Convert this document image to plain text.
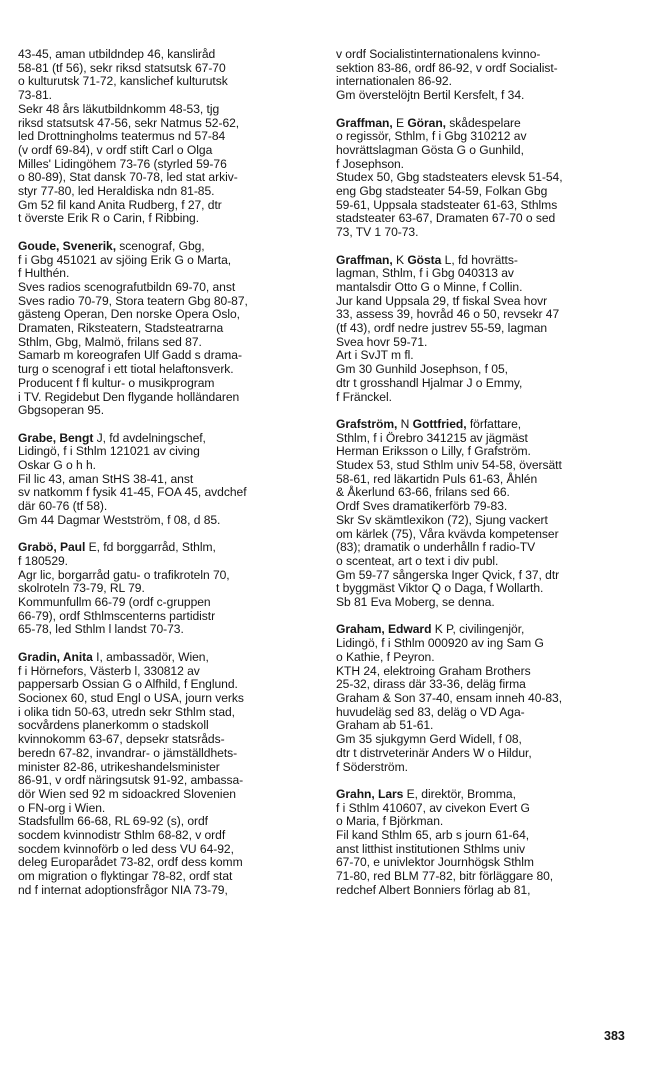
43-45, aman utbildndep 46, kansliråd
58-81 (tf 56), sekr riksd statsutsk 67-70
o kulturutsk 71-72, kanslichef kulturutsk
73-81.
Sekr 48 års läkutbildnkomm 48-53, tjg
riksd statsutsk 47-56, sekr Natmus 52-62,
led Drottningholms teatermus nd 57-84
(v ordf 69-84), v ordf stift Carl o Olga
Milles' Lidingöhem 73-76 (styrled 59-76
o 80-89), Stat dansk 70-78, led stat arkiv-
styr 77-80, led Heraldiska ndn 81-85.
Gm 52 fil kand Anita Rudberg, f 27, dtr
t överste Erik R o Carin, f Ribbing.
Goude, Svenerik, scenograf, Gbg,
f i Gbg 451021 av sjöing Erik G o Marta,
f Hulthén.
Sves radios scenografutbildn 69-70, anst
Sves radio 70-79, Stora teatern Gbg 80-87,
gästeng Operan, Den norske Opera Oslo,
Dramaten, Riksteatern, Stadsteatrarna
Sthlm, Gbg, Malmö, frilans sed 87.
Samarb m koreografen Ulf Gadd s drama-
turg o scenograf i ett tiotal helaftonsverk.
Producent f fl kultur- o musikprogram
i TV. Regidebut Den flygande holländaren
Gbgsoperan 95.
Grabe, Bengt J, fd avdelningschef,
Lidingö, f i Sthlm 121021 av civing
Oskar G o h h.
Fil lic 43, aman StHS 38-41, anst
sv natkomm f fysik 41-45, FOA 45, avdchef
där 60-76 (tf 58).
Gm 44 Dagmar Westström, f 08, d 85.
Grabö, Paul E, fd borggarråd, Sthlm,
f 180529.
Agr lic, borgarråd gatu- o trafikroteln 70,
skolroteln 73-79, RL 79.
Kommunfullm 66-79 (ordf c-gruppen
66-79), ordf Sthlmscenterns partidistr
65-78, led Sthlm l landst 70-73.
Gradin, Anita I, ambassadör, Wien,
f i Hörnefors, Västerb l, 330812 av
pappersarb Ossian G o Alfhild, f Englund.
Socionex 60, stud Engl o USA, journ verks
i olika tidn 50-63, utredn sekr Sthlm stad,
socvårdens planerkomm o stadskoll
kvinnokomm 63-67, depsekr statsråds-
beredn 67-82, invandrar- o jämställdhets-
minister 82-86, utrikeshandelsminister
86-91, v ordf näringsutsk 91-92, ambassa-
dör Wien sed 92 m sidoackred Slovenien
o FN-org i Wien.
Stadsfullm 66-68, RL 69-92 (s), ordf
socdem kvinnodistr Sthlm 68-82, v ordf
socdem kvinnoförb o led dess VU 64-92,
deleg Europarådet 73-82, ordf dess komm
om migration o flyktingar 78-82, ordf stat
nd f internat adoptionsfrågor NIA 73-79,
v ordf Socialistinternationalens kvinno-
sektion 83-86, ordf 86-92, v ordf Socialist-
internationalen 86-92.
Gm överstelöjtn Bertil Kersfelt, f 34.
Graffman, E Göran, skådespelare
o regissör, Sthlm, f i Gbg 310212 av
hovrättslagman Gösta G o Gunhild,
f Josephson.
Studex 50, Gbg stadsteaters elevsk 51-54,
eng Gbg stadsteater 54-59, Folkan Gbg
59-61, Uppsala stadsteater 61-63, Sthlms
stadsteater 63-67, Dramaten 67-70 o sed
73, TV 1 70-73.
Graffman, K Gösta L, fd hovrätts-
lagman, Sthlm, f i Gbg 040313 av
mantalsdir Otto G o Minne, f Collin.
Jur kand Uppsala 29, tf fiskal Svea hovr
33, assess 39, hovråd 46 o 50, revsekr 47
(tf 43), ordf nedre justrev 55-59, lagman
Svea hovr 59-71.
Art i SvJT m fl.
Gm 30 Gunhild Josephson, f 05,
dtr t grosshandl Hjalmar J o Emmy,
f Fränckel.
Grafström, N Gottfried, författare,
Sthlm, f i Örebro 341215 av jägmäst
Herman Eriksson o Lilly, f Grafström.
Studex 53, stud Sthlm univ 54-58, översätt
58-61, red läkartidn Puls 61-63, Åhlén
& Åkerlund 63-66, frilans sed 66.
Ordf Sves dramatikerförb 79-83.
Skr Sv skämtlexikon (72), Sjung vackert
om kärlek (75), Våra kvävda kompetenser
(83); dramatik o underhålln f radio-TV
o scenteat, art o text i div publ.
Gm 59-77 sångerska Inger Qvick, f 37, dtr
t byggmäst Viktor Q o Daga, f Wollarth.
Sb 81 Eva Moberg, se denna.
Graham, Edward K P, civilingenjör,
Lidingö, f i Sthlm 000920 av ing Sam G
o Kathie, f Peyron.
KTH 24, elektroing Graham Brothers
25-32, dirass där 33-36, deläg firma
Graham & Son 37-40, ensam inneh 40-83,
huvudeläg sed 83, deläg o VD Aga-
Graham ab 51-61.
Gm 35 sjukgymn Gerd Widell, f 08,
dtr t distrveterinär Anders W o Hildur,
f Söderström.
Grahn, Lars E, direktör, Bromma,
f i Sthlm 410607, av civekon Evert G
o Maria, f Björkman.
Fil kand Sthlm 65, arb s journ 61-64,
anst litthist institutionen Sthlms univ
67-70, e univlektor Journhögsk Sthlm
71-80, red BLM 77-82, bitr förläggare 80,
redchef Albert Bonniers förlag ab 81,
383
